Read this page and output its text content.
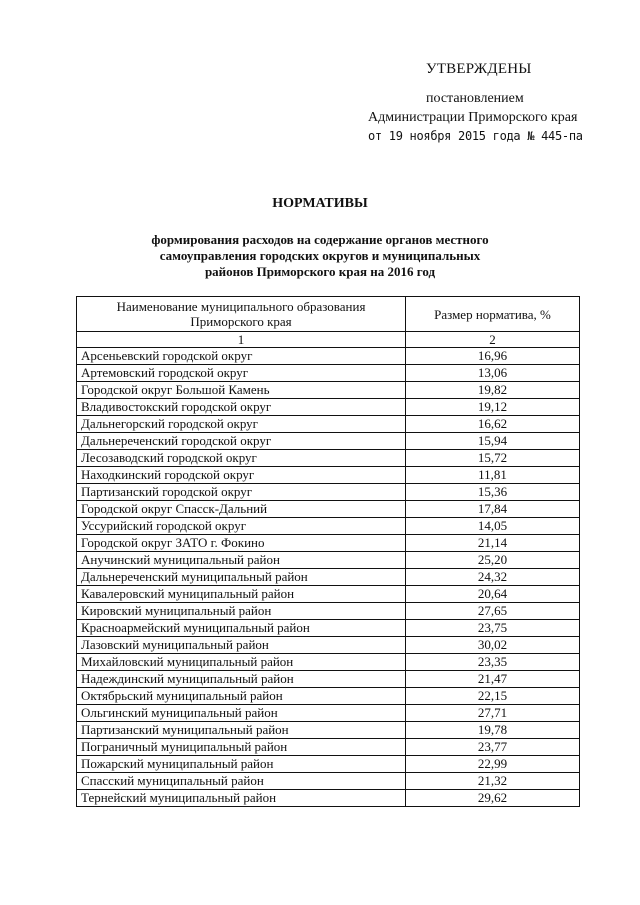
УТВЕРЖДЕНЫ
постановлением
Администрации Приморского края
от 19 ноября 2015 года № 445-па
НОРМАТИВЫ
формирования расходов на содержание органов местного самоуправления городских округов и муниципальных районов Приморского края на 2016 год
Наименование муниципального образования Приморского края	Размер норматива, %
1	2
Арсеньевский городской округ	16,96
Артемовский городской округ	13,06
Городской округ Большой Камень	19,82
Владивостокский городской округ	19,12
Дальнегорский городской округ	16,62
Дальнереченский городской округ	15,94
Лесозаводский городской округ	15,72
Находкинский городской округ	11,81
Партизанский городской округ	15,36
Городской округ Спасск-Дальний	17,84
Уссурийский городской округ	14,05
Городской округ ЗАТО г. Фокино	21,14
Анучинский муниципальный район	25,20
Дальнереченский муниципальный район	24,32
Кавалеровский муниципальный район	20,64
Кировский муниципальный район	27,65
Красноармейский муниципальный район	23,75
Лазовский муниципальный район	30,02
Михайловский муниципальный район	23,35
Надеждинский муниципальный район	21,47
Октябрьский муниципальный район	22,15
Ольгинский муниципальный район	27,71
Партизанский муниципальный район	19,78
Пограничный муниципальный район	23,77
Пожарский муниципальный район	22,99
Спасский муниципальный район	21,32
Тернейский муниципальный район	29,62
